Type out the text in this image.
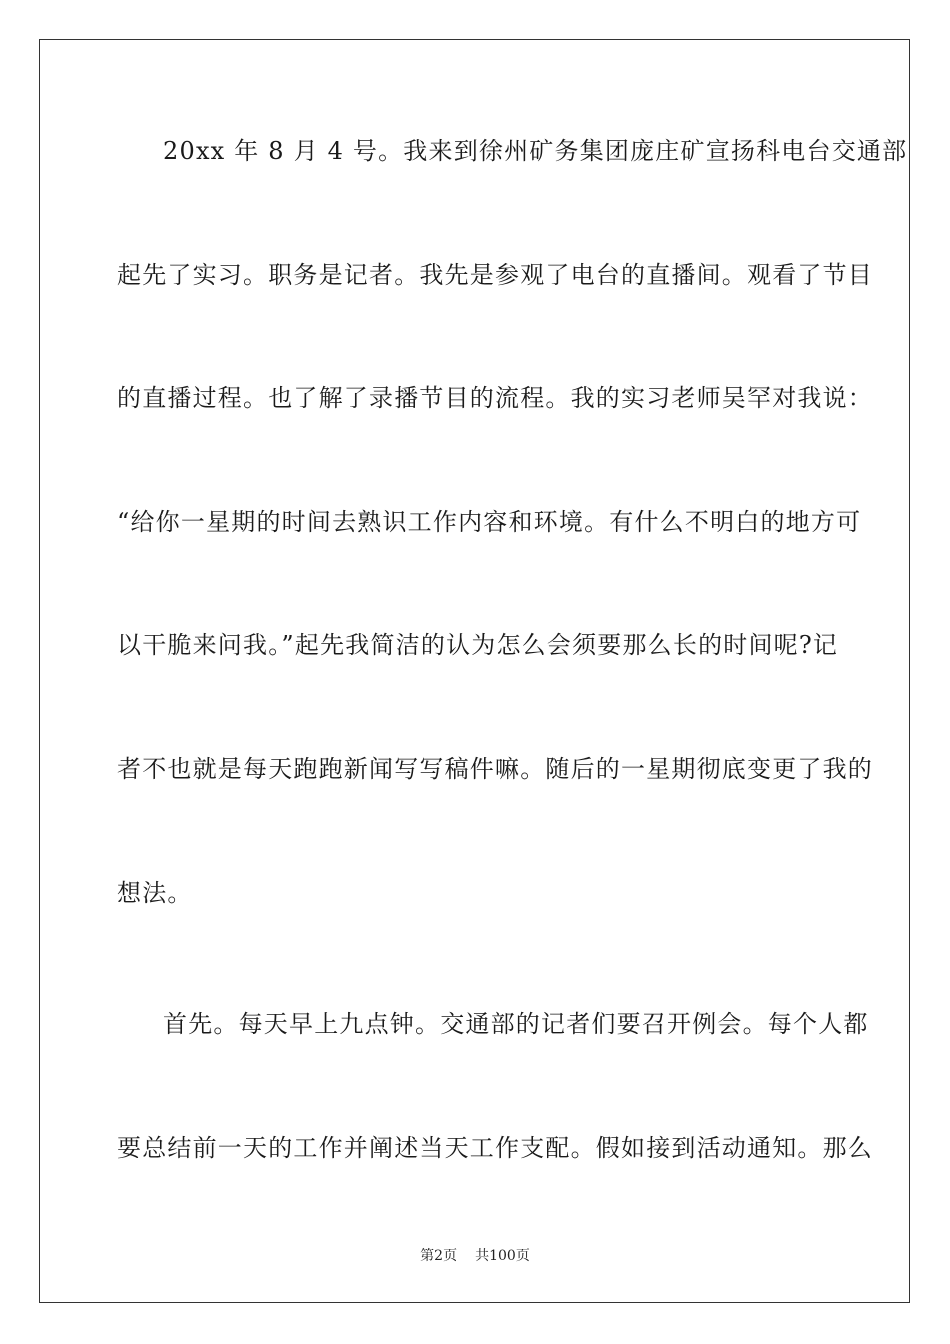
20xx 年 8 月 4 号。我来到徐州矿务集团庞庄矿宣扬科电台交通部
起先了实习。职务是记者。我先是参观了电台的直播间。观看了节目
的直播过程。也了解了录播节目的流程。我的实习老师吴罕对我说：
“给你一星期的时间去熟识工作内容和环境。有什么不明白的地方可
以干脆来问我。”起先我简洁的认为怎么会须要那么长的时间呢?记
者不也就是每天跑跑新闻写写稿件嘛。随后的一星期彻底变更了我的
想法。
首先。每天早上九点钟。交通部的记者们要召开例会。每个人都
要总结前一天的工作并阐述当天工作支配。假如接到活动通知。那么
第2页 共100页
